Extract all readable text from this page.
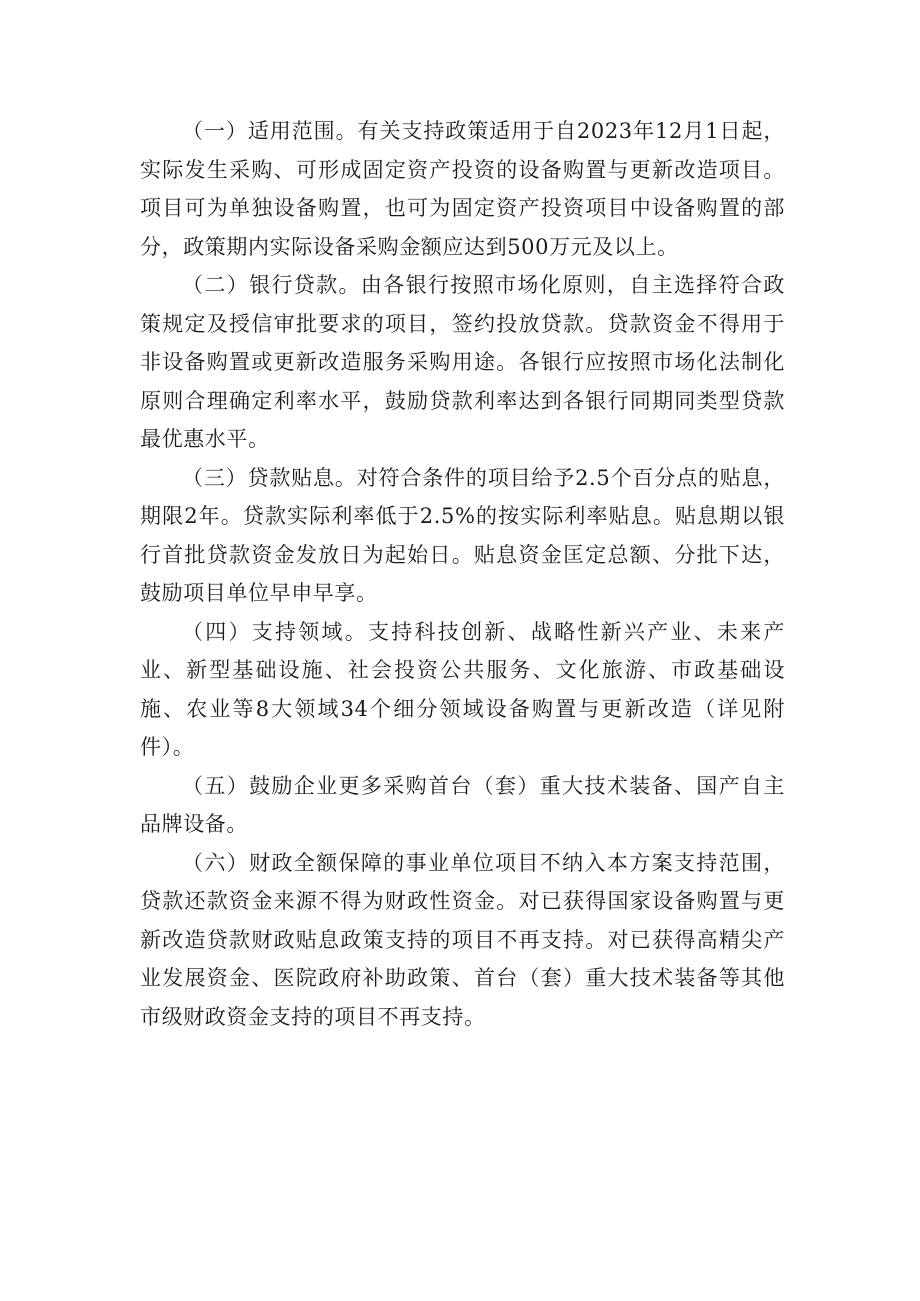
（一）适用范围。有关支持政策适用于自2023年12月1日起，实际发生采购、可形成固定资产投资的设备购置与更新改造项目。项目可为单独设备购置，也可为固定资产投资项目中设备购置的部分，政策期内实际设备采购金额应达到500万元及以上。

（二）银行贷款。由各银行按照市场化原则，自主选择符合政策规定及授信审批要求的项目，签约投放贷款。贷款资金不得用于非设备购置或更新改造服务采购用途。各银行应按照市场化法制化原则合理确定利率水平，鼓励贷款利率达到各银行同期同类型贷款最优惠水平。

（三）贷款贴息。对符合条件的项目给予2.5个百分点的贴息，期限2年。贷款实际利率低于2.5%的按实际利率贴息。贴息期以银行首批贷款资金发放日为起始日。贴息资金匡定总额、分批下达，鼓励项目单位早申早享。

（四）支持领域。支持科技创新、战略性新兴产业、未来产业、新型基础设施、社会投资公共服务、文化旅游、市政基础设施、农业等8大领域34个细分领域设备购置与更新改造（详见附件）。

（五）鼓励企业更多采购首台（套）重大技术装备、国产自主品牌设备。

（六）财政全额保障的事业单位项目不纳入本方案支持范围，贷款还款资金来源不得为财政性资金。对已获得国家设备购置与更新改造贷款财政贴息政策支持的项目不再支持。对已获得高精尖产业发展资金、医院政府补助政策、首台（套）重大技术装备等其他市级财政资金支持的项目不再支持。
